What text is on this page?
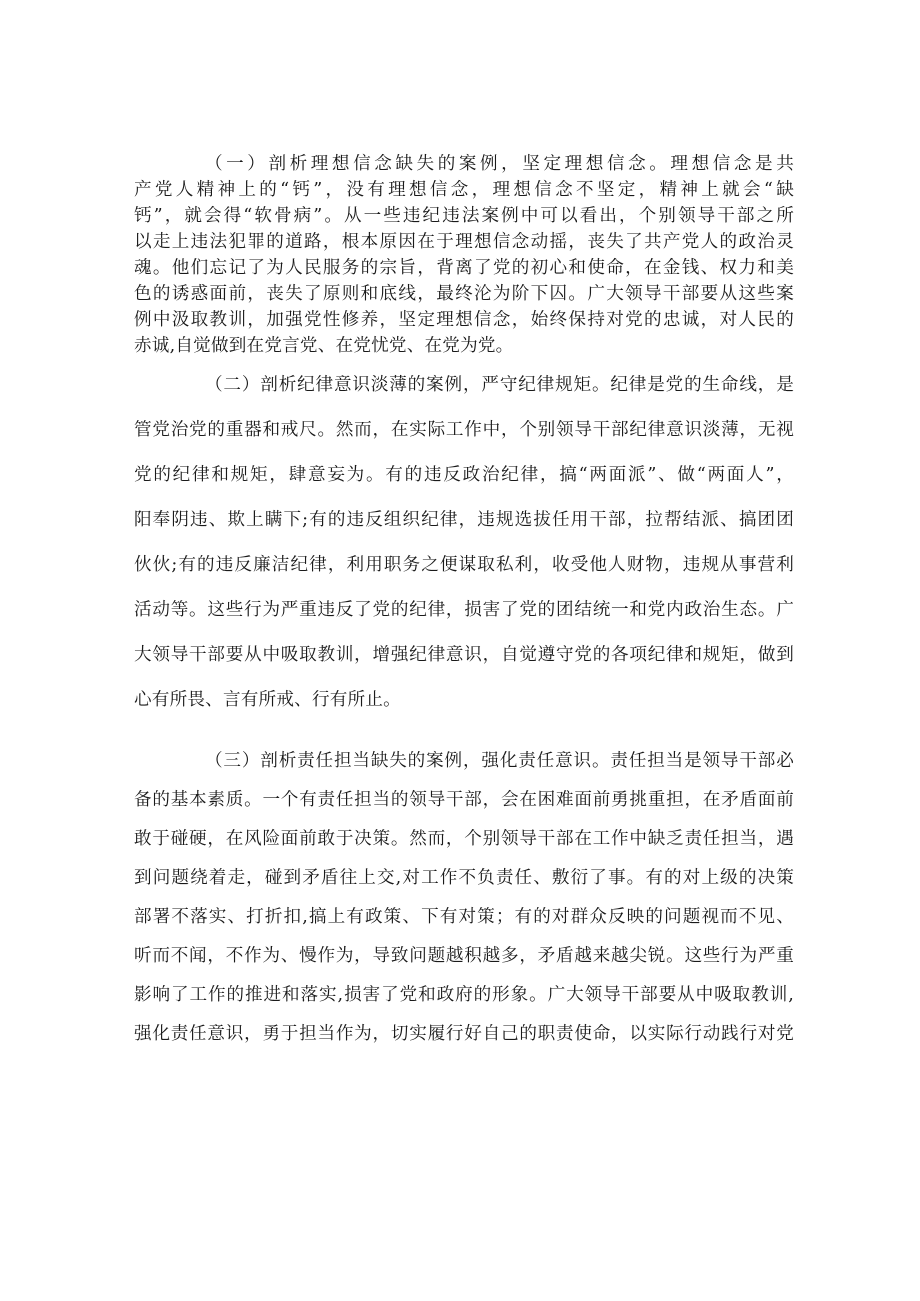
（一）剖析理想信念缺失的案例，坚定理想信念。理想信念是共

产党人精神上的“钙”，没有理想信念，理想信念不坚定，精神上就会“缺

钙”，就会得“软骨病”。从一些违纪违法案例中可以看出，个别领导干部之所

以走上违法犯罪的道路，根本原因在于理想信念动摇，丧失了共产党人的政治灵

魂。他们忘记了为人民服务的宗旨，背离了党的初心和使命，在金钱、权力和美

色的诱惑面前，丧失了原则和底线，最终沦为阶下囚。广大领导干部要从这些案

例中汲取教训，加强党性修养，坚定理想信念，始终保持对党的忠诚，对人民的

赤诚,自觉做到在党言党、在党忧党、在党为党。

（二）剖析纪律意识淡薄的案例，严守纪律规矩。纪律是党的生命线，是

管党治党的重器和戒尺。然而，在实际工作中，个别领导干部纪律意识淡薄，无视

党的纪律和规矩，肆意妄为。有的违反政治纪律，搞“两面派”、做“两面人”，

阳奉阴违、欺上瞒下;有的违反组织纪律，违规选拔任用干部，拉帮结派、搞团团

伙伙;有的违反廉洁纪律，利用职务之便谋取私利，收受他人财物，违规从事营利

活动等。这些行为严重违反了党的纪律，损害了党的团结统一和党内政治生态。广

大领导干部要从中吸取教训，增强纪律意识，自觉遵守党的各项纪律和规矩，做到

心有所畏、言有所戒、行有所止。

（三）剖析责任担当缺失的案例，强化责任意识。责任担当是领导干部必

备的基本素质。一个有责任担当的领导干部，会在困难面前勇挑重担，在矛盾面前

敢于碰硬，在风险面前敢于决策。然而，个别领导干部在工作中缺乏责任担当，遇

到问题绕着走，碰到矛盾往上交,对工作不负责任、敷衍了事。有的对上级的决策

部署不落实、打折扣,搞上有政策、下有对策；有的对群众反映的问题视而不见、

听而不闻，不作为、慢作为，导致问题越积越多，矛盾越来越尖锐。这些行为严重

影响了工作的推进和落实,损害了党和政府的形象。广大领导干部要从中吸取教训,

强化责任意识，勇于担当作为，切实履行好自己的职责使命，以实际行动践行对党
